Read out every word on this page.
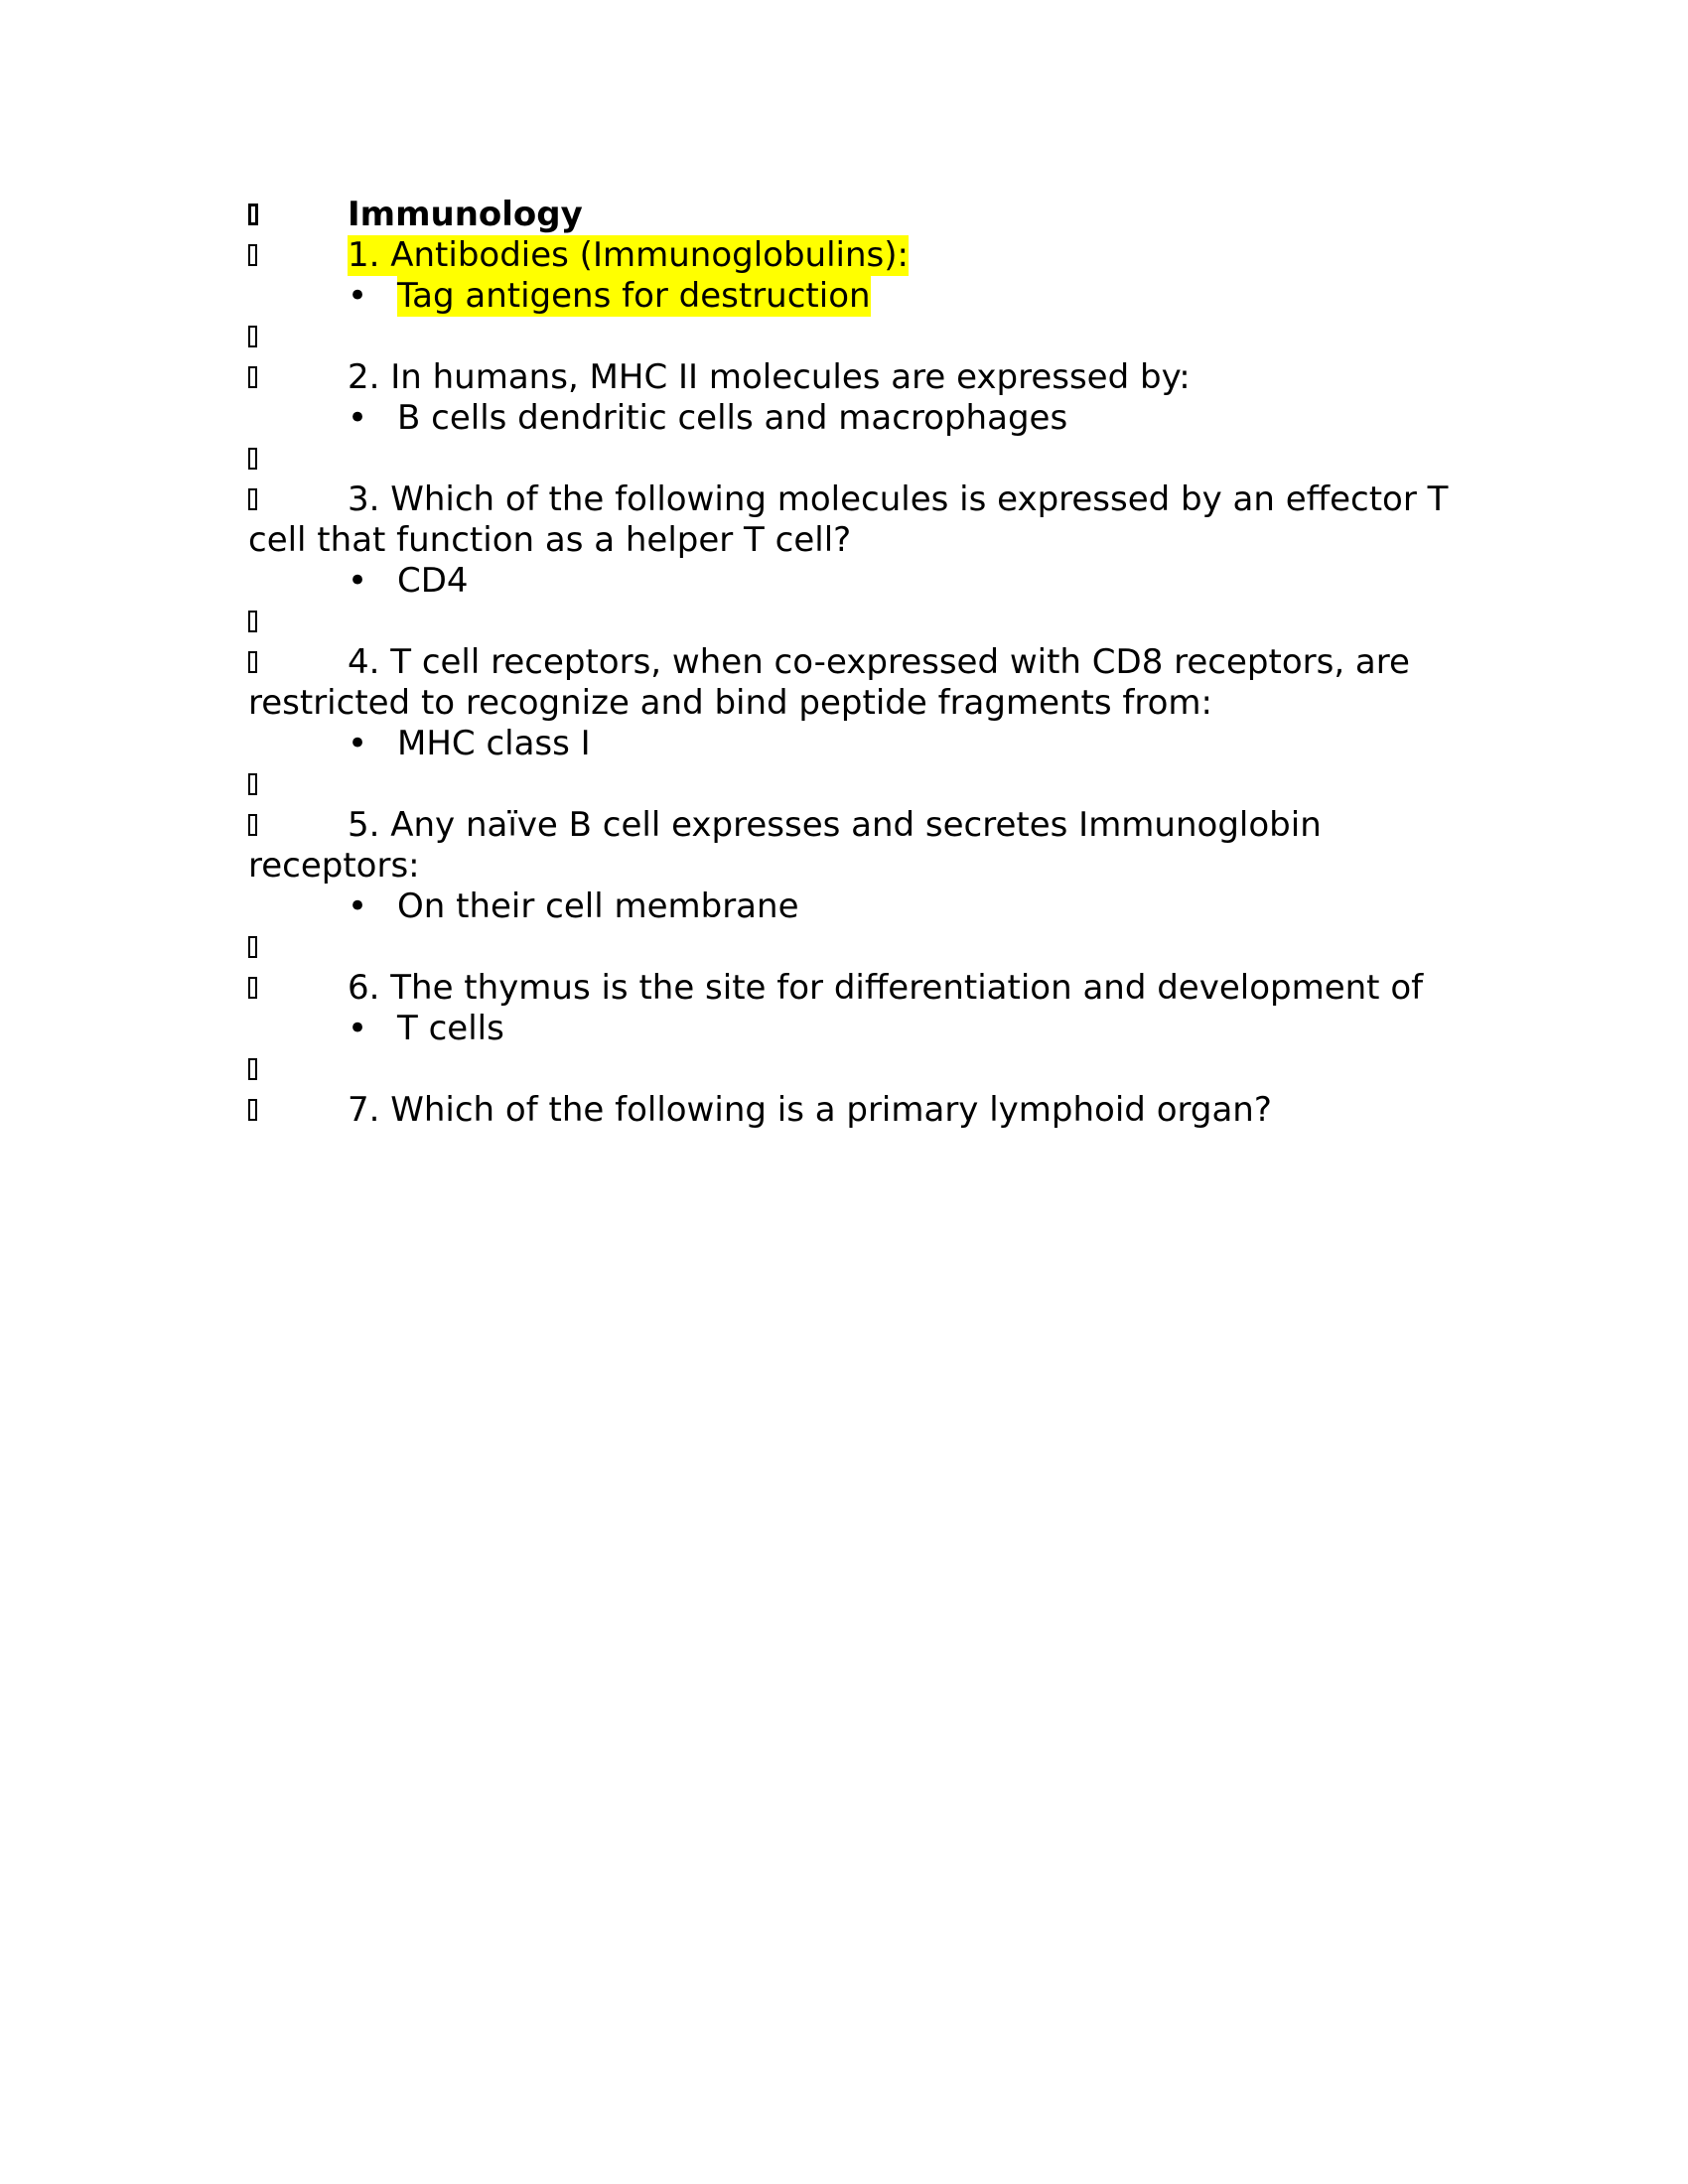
Immunology
1. Antibodies (Immunoglobulins):
• Tag antigens for destruction
2. In humans, MHC II molecules are expressed by:
• B cells dendritic cells and macrophages
3. Which of the following molecules is expressed by an effector T
cell that function as a helper T cell?
• CD4
4. T cell receptors, when co-expressed with CD8 receptors, are
restricted to recognize and bind peptide fragments from:
• MHC class I
5. Any naïve B cell expresses and secretes Immunoglobin
receptors:
• On their cell membrane
6. The thymus is the site for differentiation and development of
• T cells
7. Which of the following is a primary lymphoid organ?
